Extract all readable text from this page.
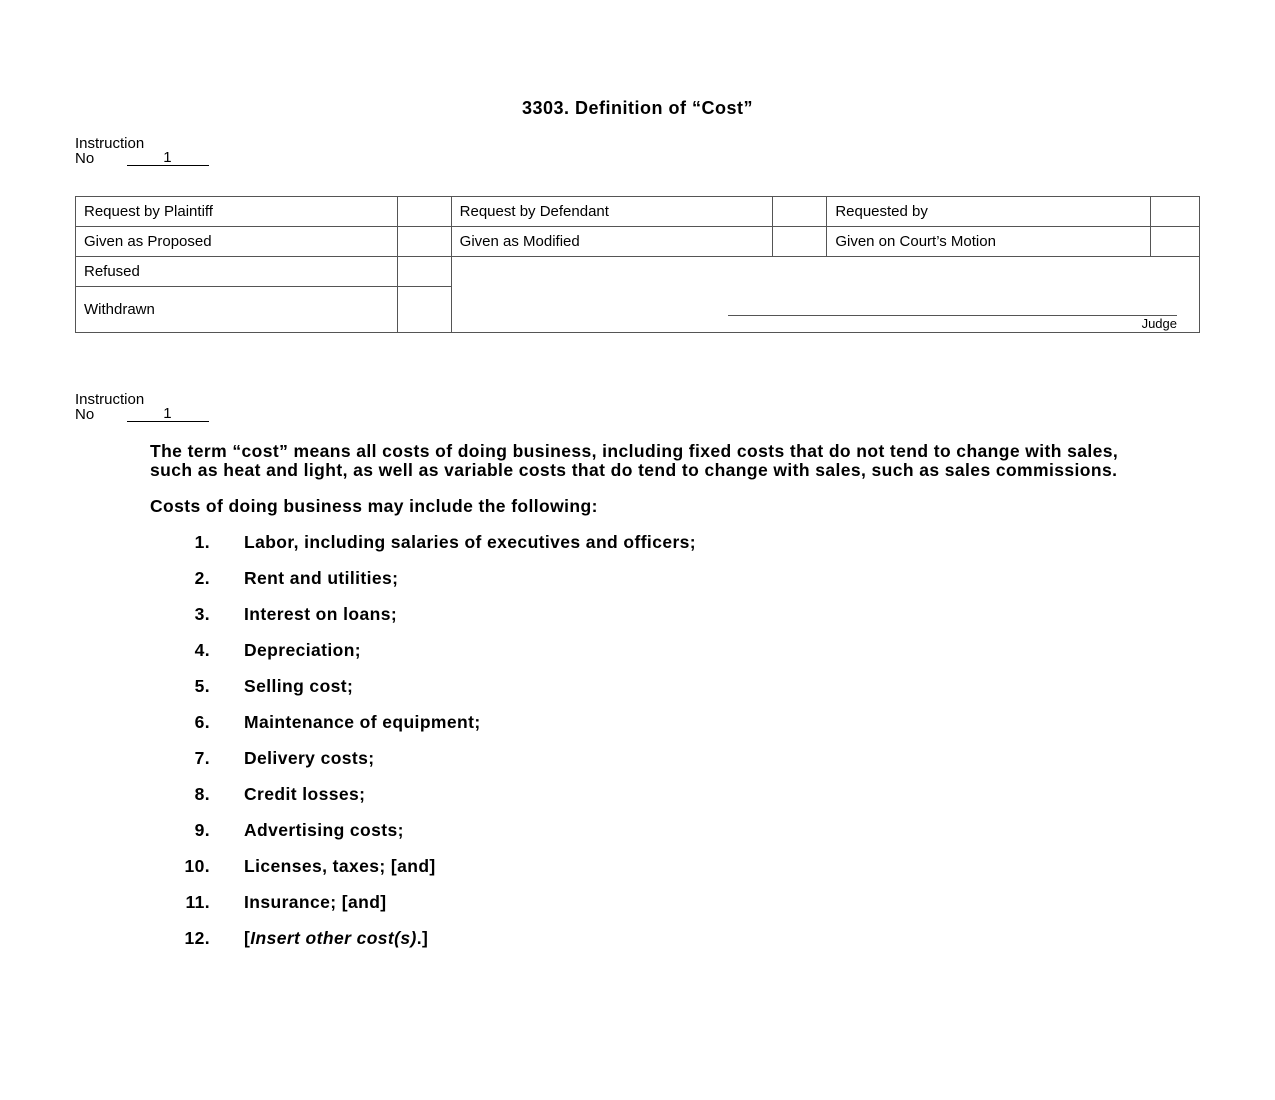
3303. Definition of “Cost”
Instruction
No	1
Request by Plaintiff		Request by Defendant		Requested by	
Given as Proposed		Given as Modified		Given on Court’s Motion	
Refused		Judge			

Withdrawn					
Instruction
No	1

The term “cost” means all costs of doing business, including fixed costs that do not tend to change with sales, such as heat and light, as well as variable costs that do tend to change with sales, such as sales commissions.

Costs of doing business may include the following:

1. Labor, including salaries of executives and officers;
2. Rent and utilities;
3. Interest on loans;
4. Depreciation;
5. Selling cost;
6. Maintenance of equipment;
7. Delivery costs;
8. Credit losses;
9. Advertising costs;
10. Licenses, taxes; [and]
11. Insurance; [and]
12. [Insert other cost(s).]
